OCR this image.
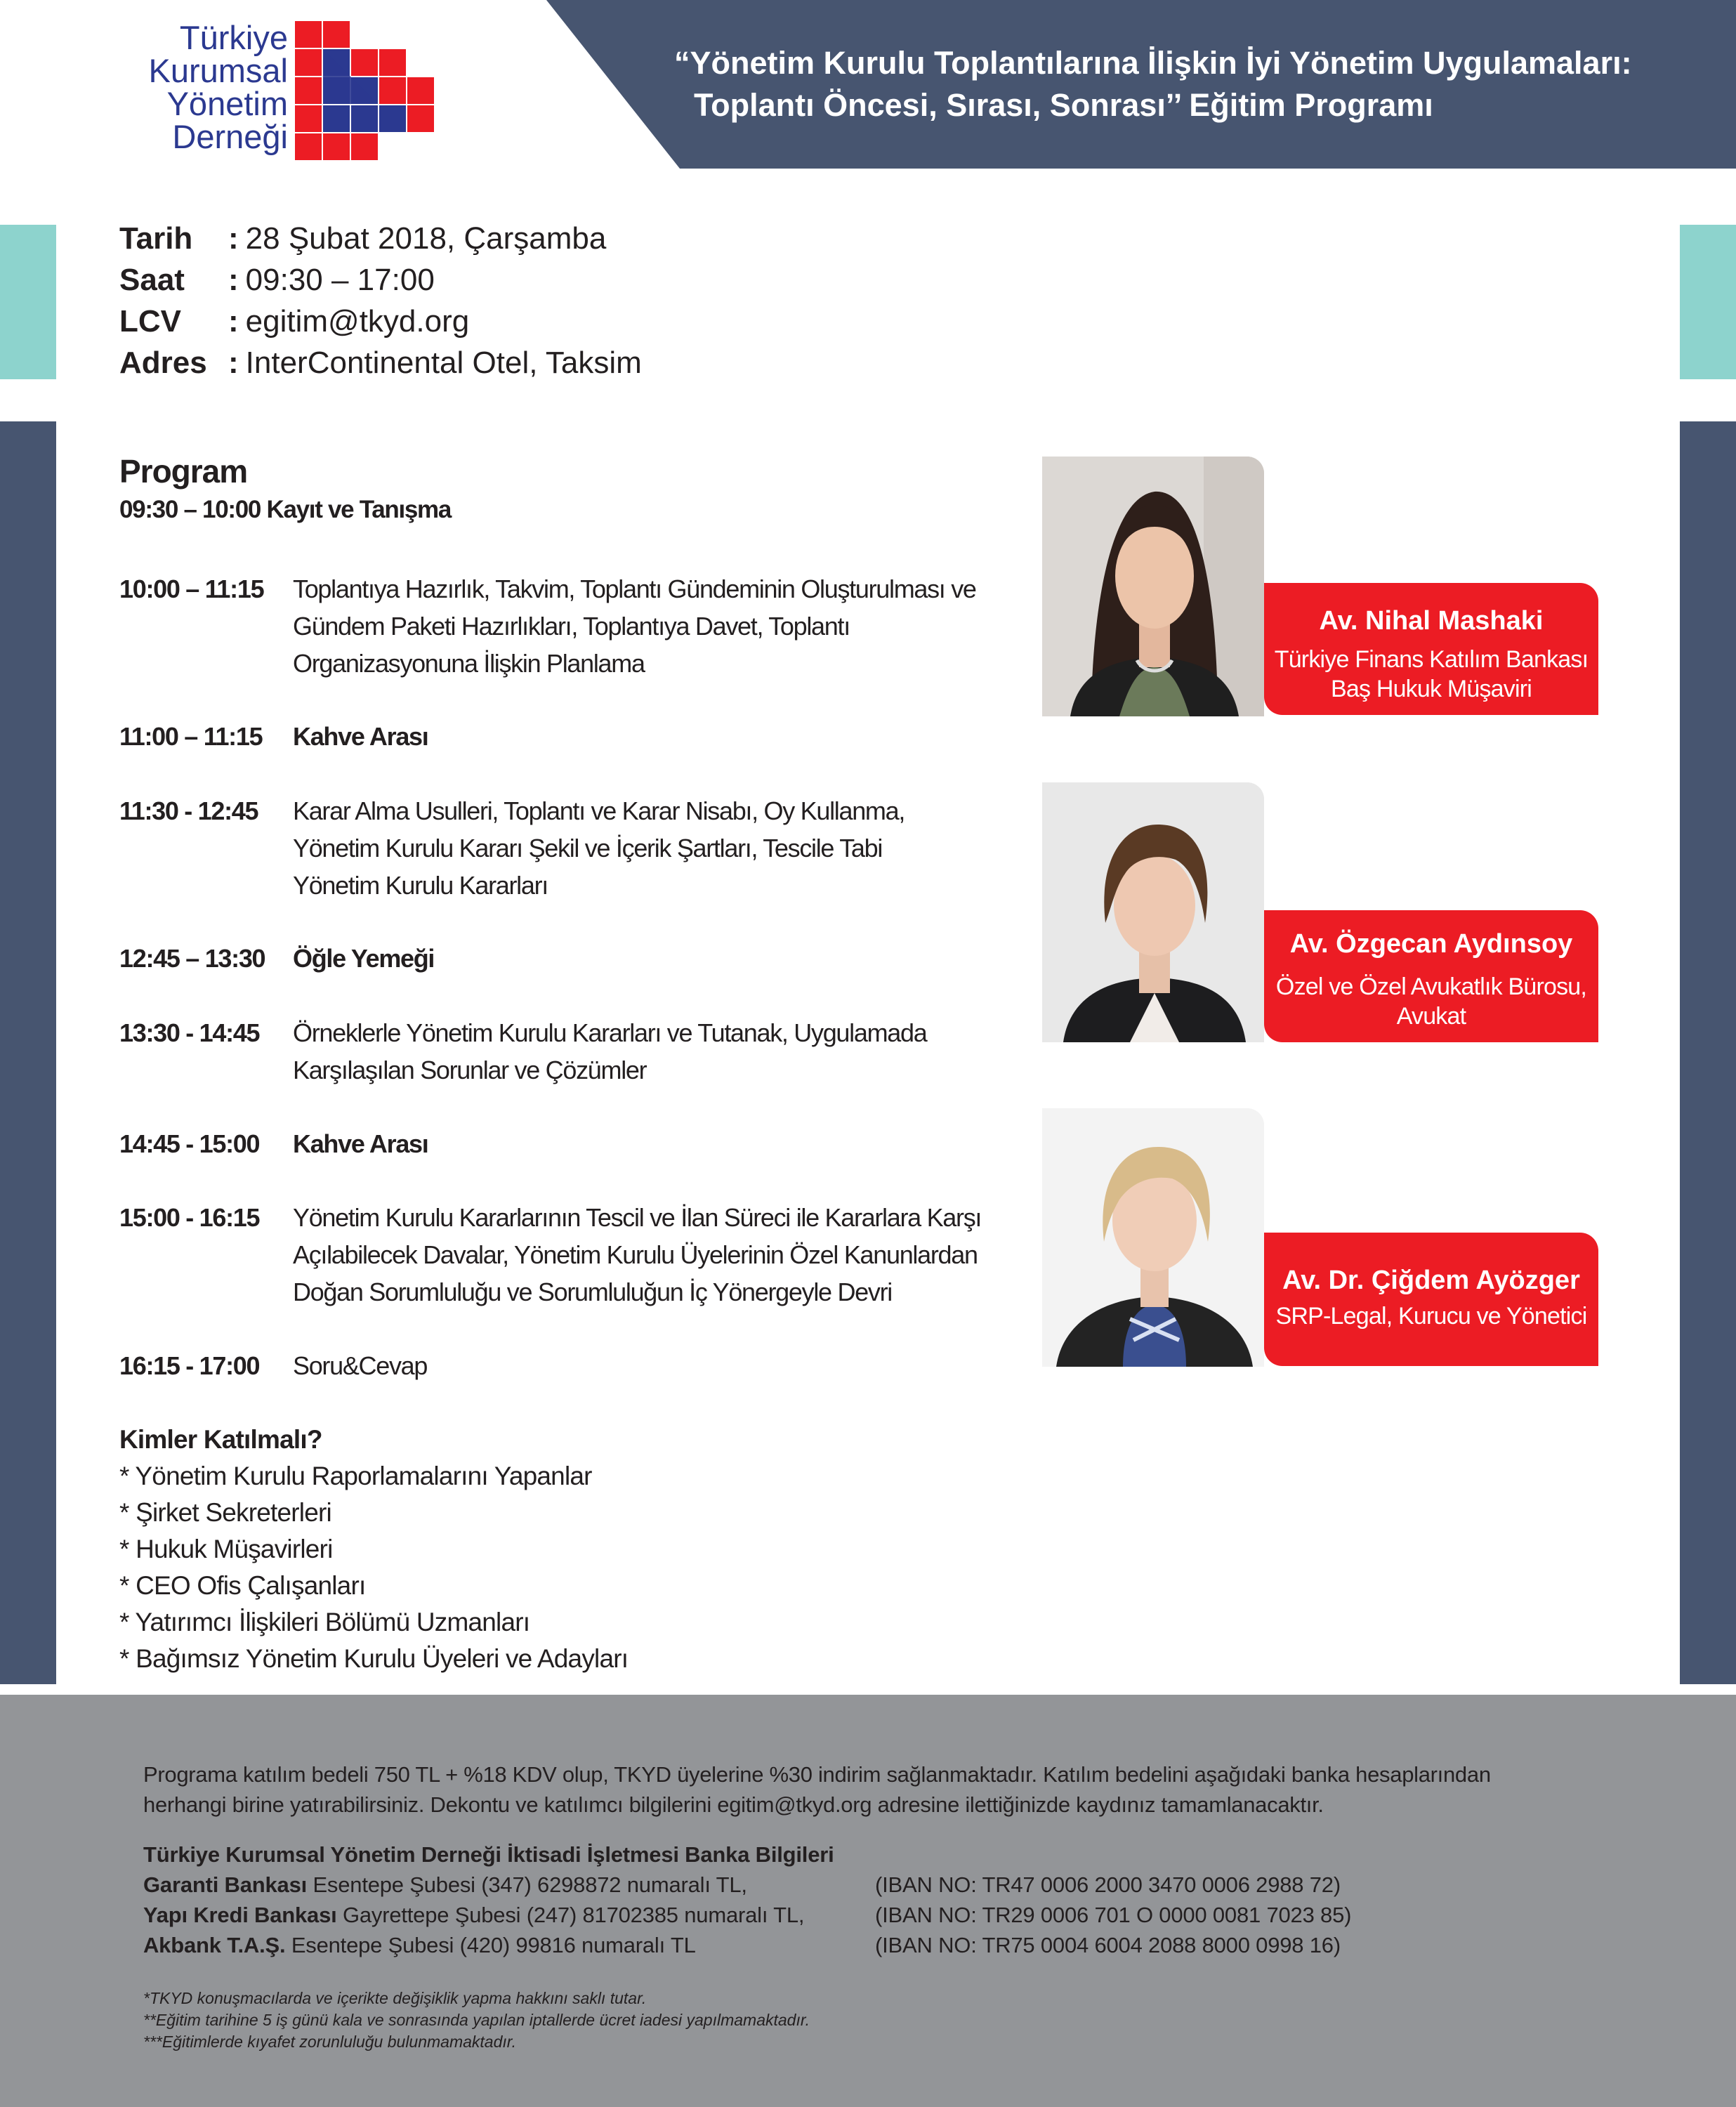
Türkiye
Kurumsal
Yönetim
Derneği
“Yönetim Kurulu Toplantılarına İlişkin İyi Yönetim Uygulamaları:
Toplantı Öncesi, Sırası, Sonrası’’ Eğitim Programı
Tarih	: 28 Şubat 2018, Çarşamba
Saat	: 09:30 – 17:00
LCV	: egitim@tkyd.org
Adres : InterContinental Otel, Taksim
Program
09:30 – 10:00 Kayıt ve Tanışma
10:00 – 11:15	Toplantıya Hazırlık, Takvim, Toplantı Gündeminin Oluşturulması ve
Gündem Paketi Hazırlıkları, Toplantıya Davet, Toplantı
Organizasyonuna İlişkin Planlama
11:00 – 11:15	Kahve Arası
11:30 - 12:45	Karar Alma Usulleri, Toplantı ve Karar Nisabı, Oy Kullanma,
Yönetim Kurulu Kararı Şekil ve İçerik Şartları, Tescile Tabi
Yönetim Kurulu Kararları
12:45 – 13:30	Öğle Yemeği
13:30 - 14:45	Örneklerle Yönetim Kurulu Kararları ve Tutanak, Uygulamada
Karşılaşılan Sorunlar ve Çözümler
14:45 - 15:00	Kahve Arası
15:00 - 16:15	Yönetim Kurulu Kararlarının Tescil ve İlan Süreci ile Kararlara Karşı
Açılabilecek Davalar, Yönetim Kurulu Üyelerinin Özel Kanunlardan
Doğan Sorumluluğu ve Sorumluluğun İç Yönergeyle Devri
16:15 - 17:00	Soru&Cevap
Av. Nihal Mashaki
Türkiye Finans Katılım Bankası
Baş Hukuk Müşaviri
Av. Özgecan Aydınsoy
Özel ve Özel Avukatlık Bürosu,
Avukat
Av. Dr. Çiğdem Ayözger
SRP-Legal, Kurucu ve Yönetici
Kimler Katılmalı?
* Yönetim Kurulu Raporlamalarını Yapanlar
* Şirket Sekreterleri
* Hukuk Müşavirleri
* CEO Ofis Çalışanları
* Yatırımcı İlişkileri Bölümü Uzmanları
* Bağımsız Yönetim Kurulu Üyeleri ve Adayları
Programa katılım bedeli 750 TL + %18 KDV olup, TKYD üyelerine %30 indirim sağlanmaktadır. Katılım bedelini aşağıdaki banka hesaplarından
herhangi birine yatırabilirsiniz. Dekontu ve katılımcı bilgilerini egitim@tkyd.org adresine ilettiğinizde kaydınız tamamlanacaktır.
Türkiye Kurumsal Yönetim Derneği İktisadi İşletmesi Banka Bilgileri
Garanti Bankası Esentepe Şubesi (347) 6298872 numaralı TL,	(IBAN NO: TR47 0006 2000 3470 0006 2988 72)
Yapı Kredi Bankası Gayrettepe Şubesi (247) 81702385 numaralı TL,	(IBAN NO: TR29 0006 701 O 0000 0081 7023 85)
Akbank T.A.Ş. Esentepe Şubesi (420) 99816 numaralı TL	(IBAN NO: TR75 0004 6004 2088 8000 0998 16)
*TKYD konuşmacılarda ve içerikte değişiklik yapma hakkını saklı tutar.
**Eğitim tarihine 5 iş günü kala ve sonrasında yapılan iptallerde ücret iadesi yapılmamaktadır.
***Eğitimlerde kıyafet zorunluluğu bulunmamaktadır.
